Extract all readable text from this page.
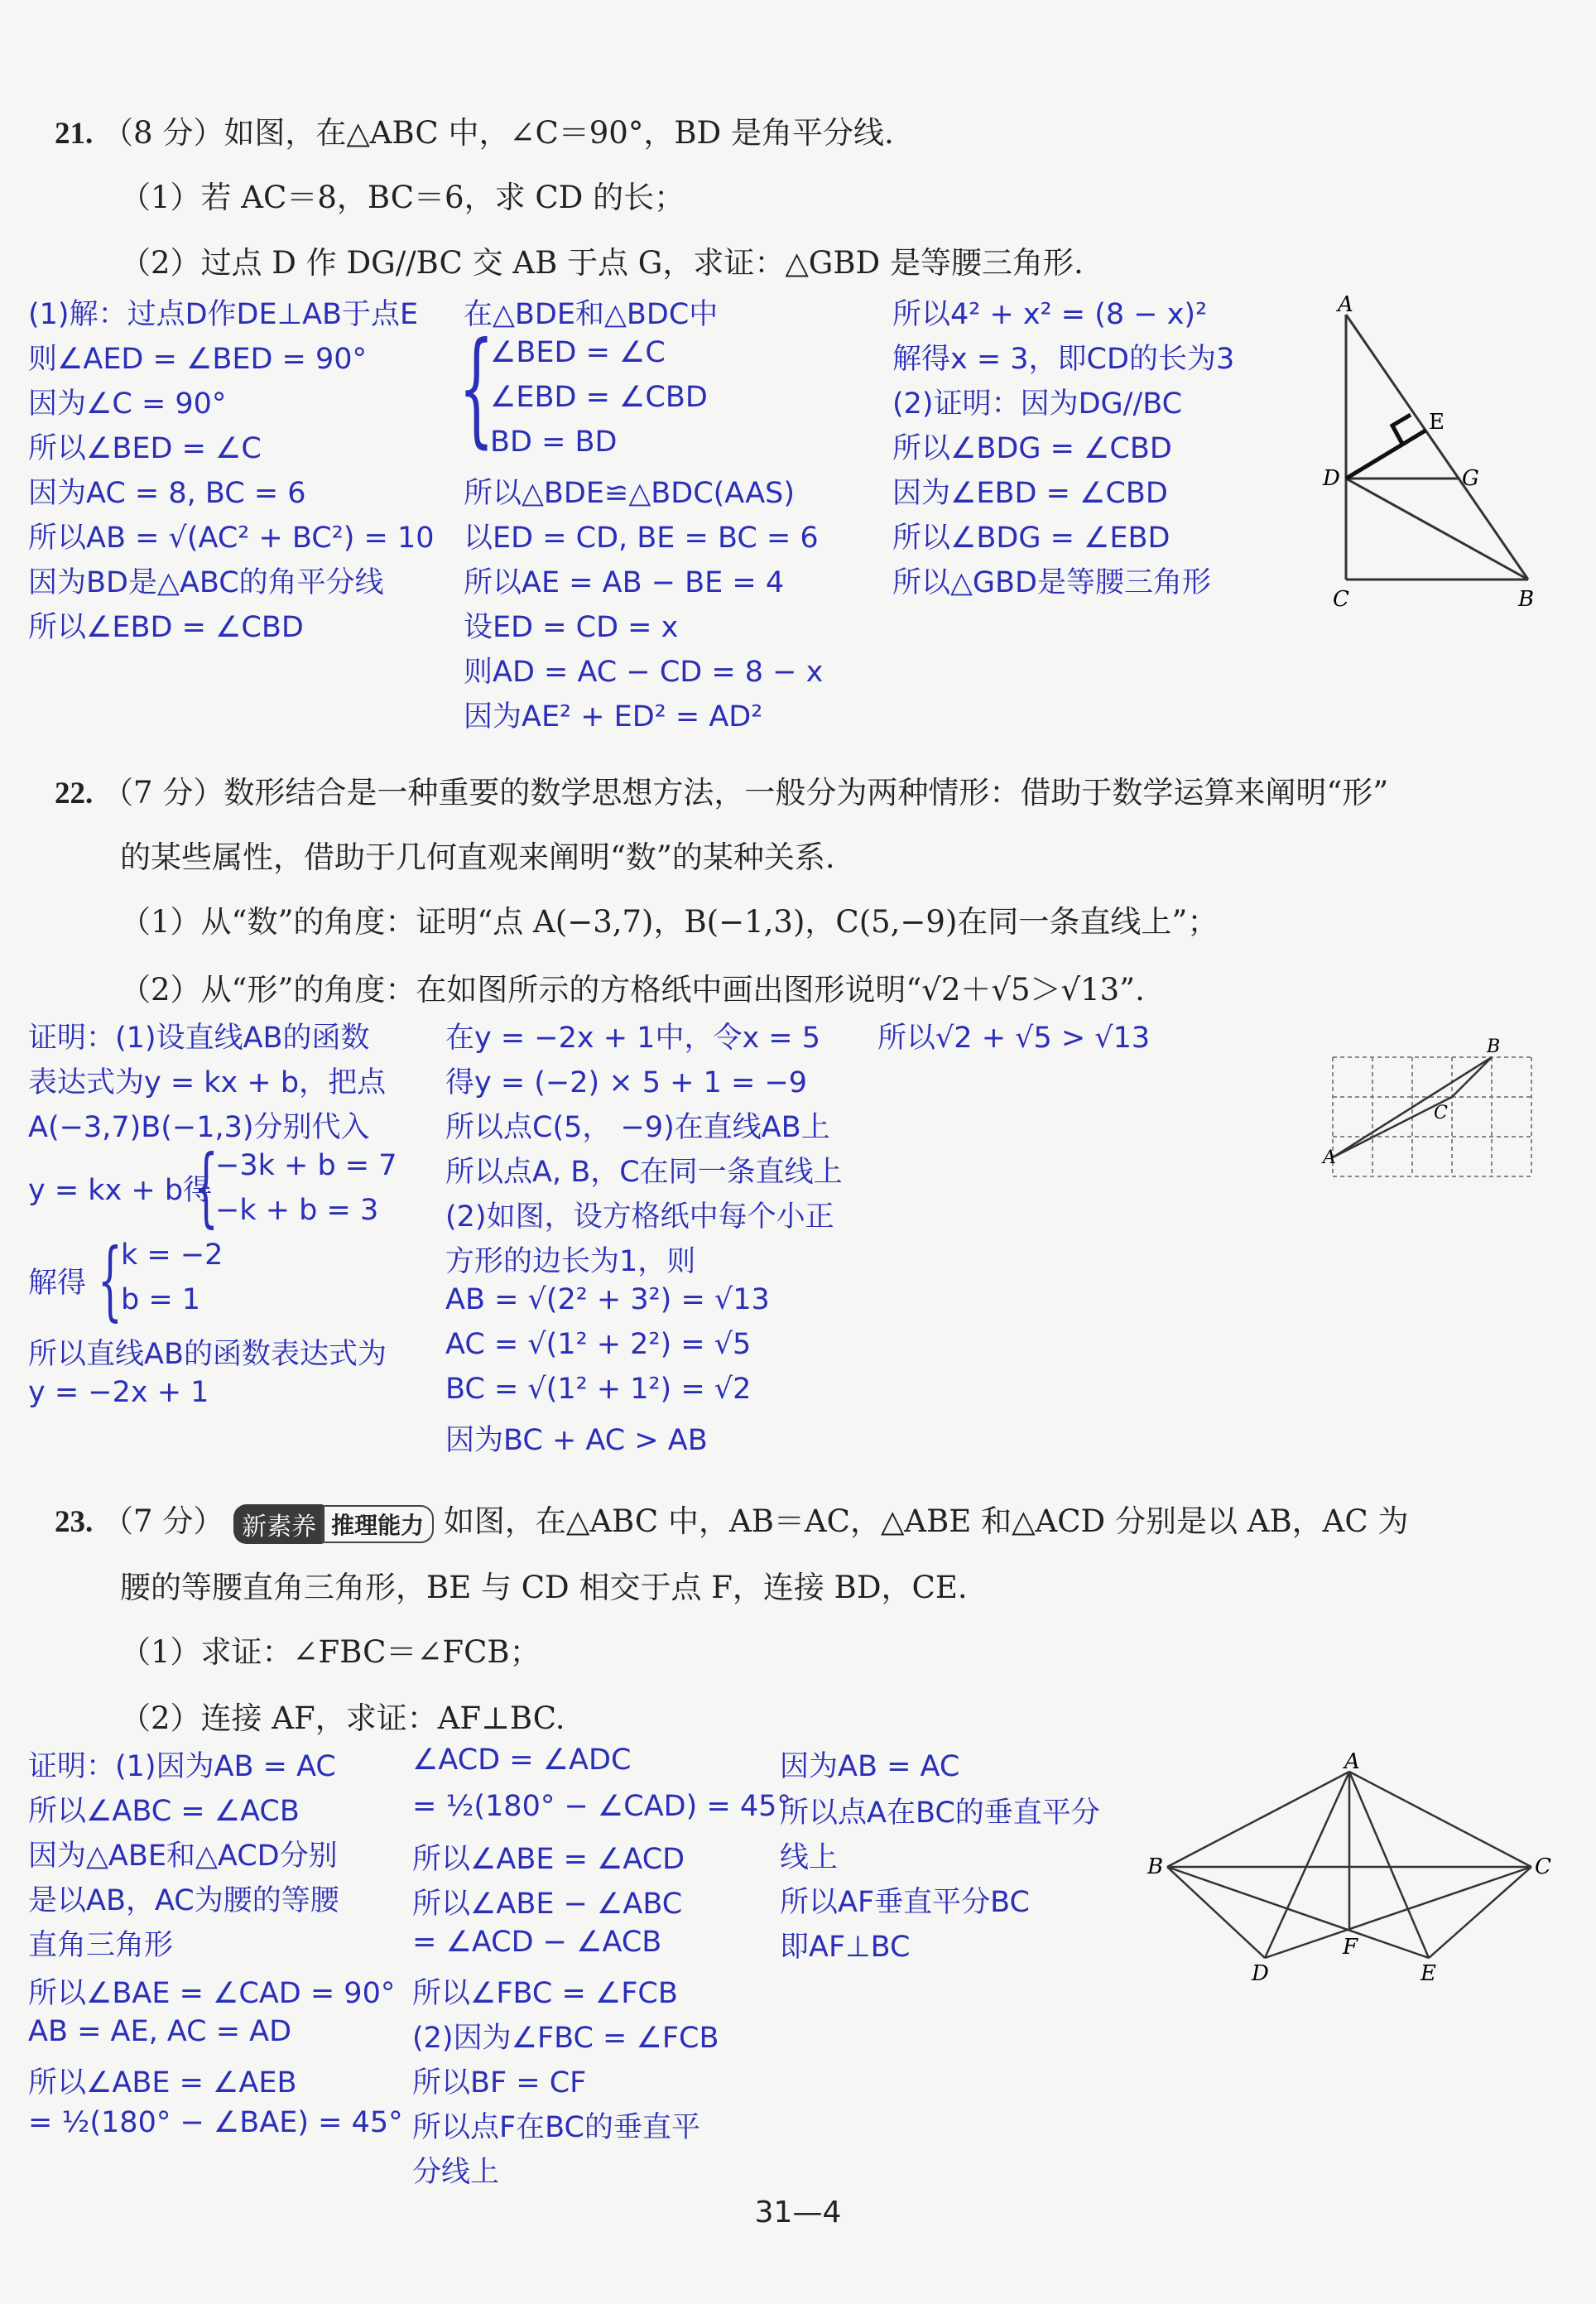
21. （8 分）如图，在△ABC 中，∠C＝90°，BD 是角平分线.
（1）若 AC＝8，BC＝6，求 CD 的长；
（2）过点 D 作 DG//BC 交 AB 于点 G，求证：△GBD 是等腰三角形.
(1)解：过点D作DE⊥AB于点E
则∠AED = ∠BED = 90°
因为∠C = 90°
所以∠BED = ∠C
因为AC = 8, BC = 6
所以AB = √(AC² + BC²) = 10
因为BD是△ABC的角平分线
所以∠EBD = ∠CBD
在△BDE和△BDC中
{
∠BED = ∠C
∠EBD = ∠CBD
BD = BD
所以△BDE≌△BDC(AAS)
以ED = CD, BE = BC = 6
所以AE = AB − BE = 4
设ED = CD = x
则AD = AC − CD = 8 − x
因为AE² + ED² = AD²
所以4² + x² = (8 − x)²
解得x = 3，即CD的长为3
(2)证明：因为DG//BC
所以∠BDG = ∠CBD
因为∠EBD = ∠CBD
所以∠BDG = ∠EBD
所以△GBD是等腰三角形
A
E
D	G
C	B
22. （7 分）数形结合是一种重要的数学思想方法，一般分为两种情形：借助于数学运算来阐明“形”
的某些属性，借助于几何直观来阐明“数”的某种关系.
（1）从“数”的角度：证明“点 A(−3,7)，B(−1,3)，C(5,−9)在同一条直线上”；
（2）从“形”的角度：在如图所示的方格纸中画出图形说明“√2＋√5＞√13”.
证明：(1)设直线AB的函数
表达式为y = kx + b，把点
A(−3,7)B(−1,3)分别代入
y = kx + b得
{
−3k + b = 7
−k + b = 3
解得 {
k = −2
b = 1
所以直线AB的函数表达式为
y = −2x + 1
在y = −2x + 1中，令x = 5
得y = (−2) × 5 + 1 = −9
所以点C(5， −9)在直线AB上
所以点A, B，C在同一条直线上
(2)如图，设方格纸中每个小正
方形的边长为1，则
AB = √(2² + 3²) = √13
AC = √(1² + 2²) = √5
BC = √(1² + 1²) = √2
因为BC + AC > AB
所以√2 + √5 > √13	B
C
A
23. （7 分） 新素养 推理能力 如图，在△ABC 中，AB＝AC，△ABE 和△ACD 分别是以 AB，AC 为
腰的等腰直角三角形，BE 与 CD 相交于点 F，连接 BD，CE.
（1）求证：∠FBC＝∠FCB；
（2）连接 AF，求证：AF⊥BC.
证明：(1)因为AB = AC
所以∠ABC = ∠ACB
因为△ABE和△ACD分别
是以AB，AC为腰的等腰
直角三角形
所以∠BAE = ∠CAD = 90°
AB = AE, AC = AD
所以∠ABE = ∠AEB
= ½(180° − ∠BAE) = 45°
∠ACD = ∠ADC
= ½(180° − ∠CAD) = 45°
所以∠ABE = ∠ACD
所以∠ABE − ∠ABC
= ∠ACD − ∠ACB
所以∠FBC = ∠FCB
(2)因为∠FBC = ∠FCB
所以BF = CF
所以点F在BC的垂直平
分线上
因为AB = AC
所以点A在BC的垂直平分
线上
所以AF垂直平分BC
即AF⊥BC
A
B	C
D
F
E
31—4
